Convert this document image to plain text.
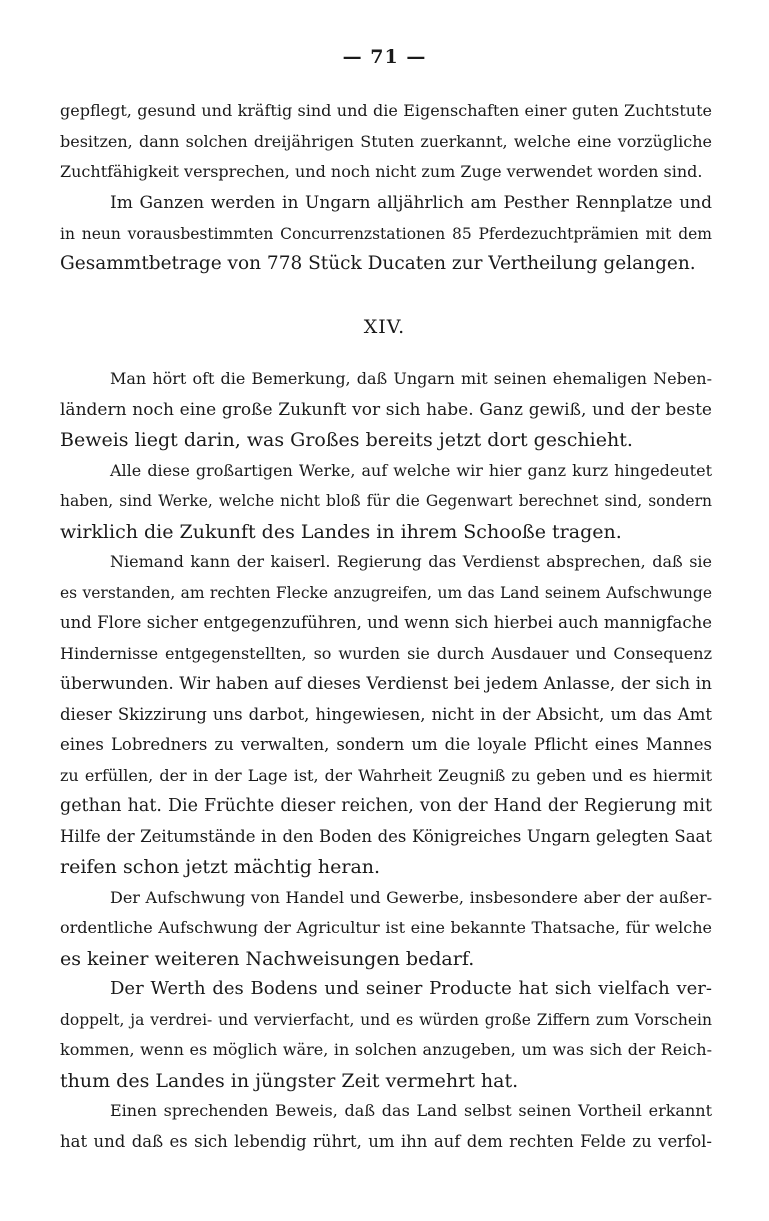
— 71 —
gepflegt, gesund und kräftig sind und die Eigenschaften einer guten Zuchtstute
besitzen, dann solchen dreijährigen Stuten zuerkannt, welche eine vorzügliche
Zuchtfähigkeit versprechen, und noch nicht zum Zuge verwendet worden sind.
Im Ganzen werden in Ungarn alljährlich am Pesther Rennplatze und
in neun vorausbestimmten Concurrenzstationen 85 Pferdezuchtprämien mit dem
Gesammtbetrage von 778 Stück Ducaten zur Vertheilung gelangen.
XIV.
Man hört oft die Bemerkung, daß Ungarn mit seinen ehemaligen Neben-
ländern noch eine große Zukunft vor sich habe. Ganz gewiß, und der beste
Beweis liegt darin, was Großes bereits jetzt dort geschieht.
Alle diese großartigen Werke, auf welche wir hier ganz kurz hingedeutet
haben, sind Werke, welche nicht bloß für die Gegenwart berechnet sind, sondern
wirklich die Zukunft des Landes in ihrem Schooße tragen.
Niemand kann der kaiserl. Regierung das Verdienst absprechen, daß sie
es verstanden, am rechten Flecke anzugreifen, um das Land seinem Aufschwunge
und Flore sicher entgegenzuführen, und wenn sich hierbei auch mannigfache
Hindernisse entgegenstellten, so wurden sie durch Ausdauer und Consequenz
überwunden. Wir haben auf dieses Verdienst bei jedem Anlasse, der sich in
dieser Skizzirung uns darbot, hingewiesen, nicht in der Absicht, um das Amt
eines Lobredners zu verwalten, sondern um die loyale Pflicht eines Mannes
zu erfüllen, der in der Lage ist, der Wahrheit Zeugniß zu geben und es hiermit
gethan hat. Die Früchte dieser reichen, von der Hand der Regierung mit
Hilfe der Zeitumstände in den Boden des Königreiches Ungarn gelegten Saat
reifen schon jetzt mächtig heran.
Der Aufschwung von Handel und Gewerbe, insbesondere aber der außer-
ordentliche Aufschwung der Agricultur ist eine bekannte Thatsache, für welche
es keiner weiteren Nachweisungen bedarf.
Der Werth des Bodens und seiner Producte hat sich vielfach ver-
doppelt, ja verdrei- und vervierfacht, und es würden große Ziffern zum Vorschein
kommen, wenn es möglich wäre, in solchen anzugeben, um was sich der Reich-
thum des Landes in jüngster Zeit vermehrt hat.
Einen sprechenden Beweis, daß das Land selbst seinen Vortheil erkannt
hat und daß es sich lebendig rührt, um ihn auf dem rechten Felde zu verfol-
